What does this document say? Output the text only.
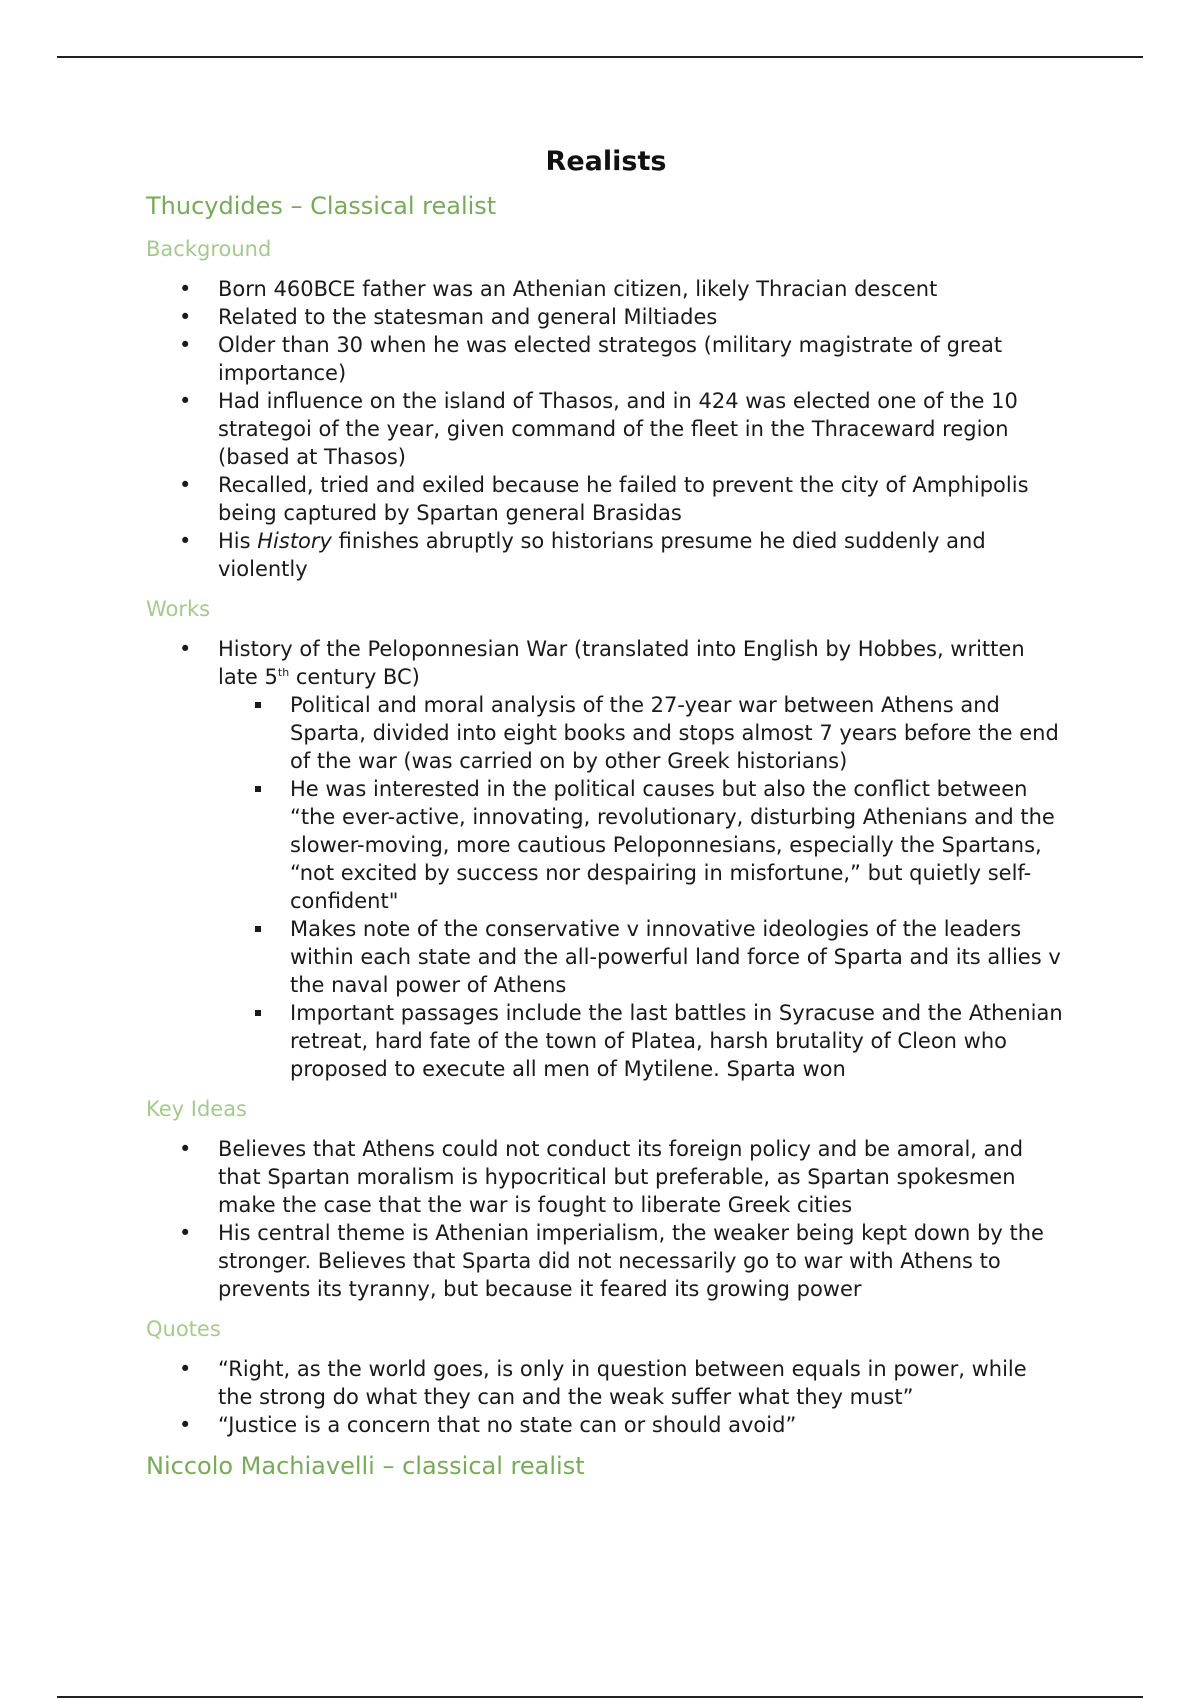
Realists
Thucydides – Classical realist
Background
• Born 460BCE father was an Athenian citizen, likely Thracian descent
• Related to the statesman and general Miltiades
• Older than 30 when he was elected strategos (military magistrate of great importance)
• Had influence on the island of Thasos, and in 424 was elected one of the 10 strategoi of the year, given command of the fleet in the Thraceward region (based at Thasos)
• Recalled, tried and exiled because he failed to prevent the city of Amphipolis being captured by Spartan general Brasidas
• His History finishes abruptly so historians presume he died suddenly and violently
Works
• History of the Peloponnesian War (translated into English by Hobbes, written late 5th century BC)
Political and moral analysis of the 27-year war between Athens and Sparta, divided into eight books and stops almost 7 years before the end of the war (was carried on by other Greek historians)
He was interested in the political causes but also the conflict between “the ever-active, innovating, revolutionary, disturbing Athenians and the slower-moving, more cautious Peloponnesians, especially the Spartans, “not excited by success nor despairing in misfortune,” but quietly self-confident"
Makes note of the conservative v innovative ideologies of the leaders within each state and the all-powerful land force of Sparta and its allies v the naval power of Athens
Important passages include the last battles in Syracuse and the Athenian retreat, hard fate of the town of Platea, harsh brutality of Cleon who proposed to execute all men of Mytilene. Sparta won
Key Ideas
• Believes that Athens could not conduct its foreign policy and be amoral, and that Spartan moralism is hypocritical but preferable, as Spartan spokesmen make the case that the war is fought to liberate Greek cities
• His central theme is Athenian imperialism, the weaker being kept down by the stronger. Believes that Sparta did not necessarily go to war with Athens to prevents its tyranny, but because it feared its growing power
Quotes
• “Right, as the world goes, is only in question between equals in power, while the strong do what they can and the weak suffer what they must”
• “Justice is a concern that no state can or should avoid”
Niccolo Machiavelli – classical realist
